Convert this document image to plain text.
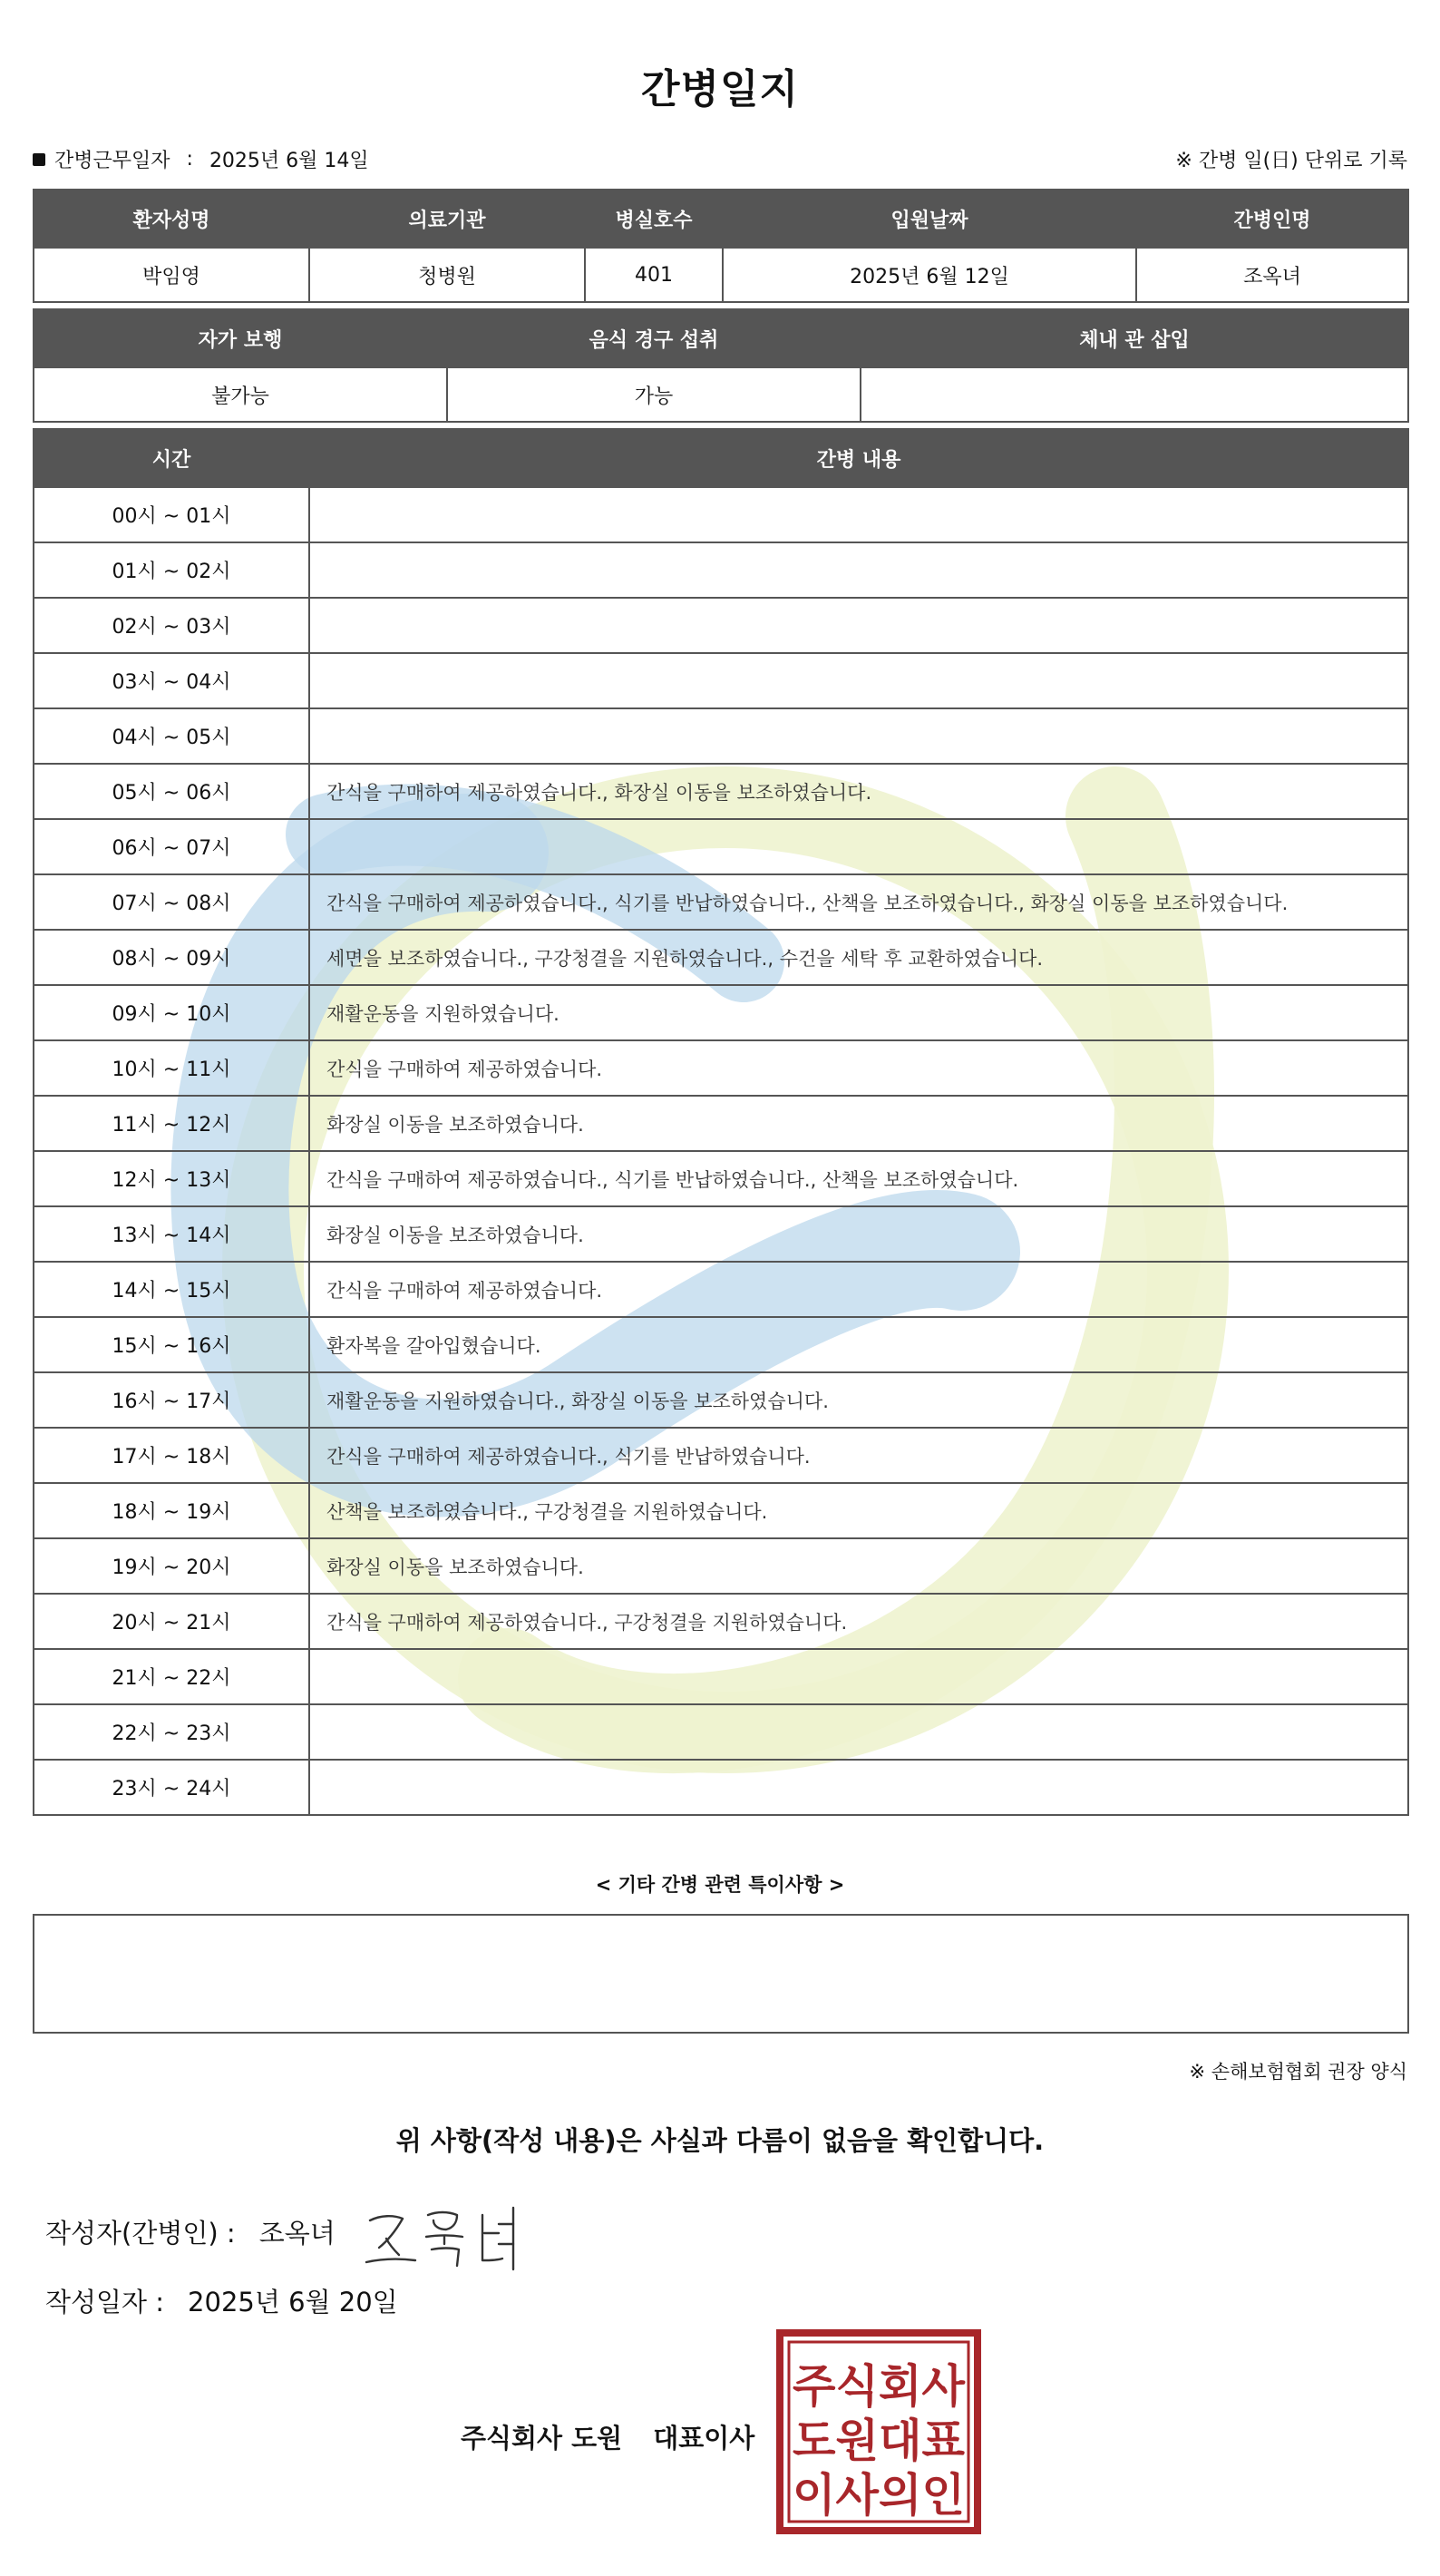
간병일지
간병근무일자 : 2025년 6월 14일	※ 간병 일(日) 단위로 기록
환자성명	의료기관	병실호수	입원날짜	간병인명
박임영	청병원	401	2025년 6월 12일	조옥녀
자가 보행	음식 경구 섭취	체내 관 삽입
불가능	가능	
시간	간병 내용
00시 ~ 01시	
01시 ~ 02시	
02시 ~ 03시	
03시 ~ 04시	
04시 ~ 05시	
05시 ~ 06시	간식을 구매하여 제공하였습니다., 화장실 이동을 보조하였습니다.
06시 ~ 07시	
07시 ~ 08시	간식을 구매하여 제공하였습니다., 식기를 반납하였습니다., 산책을 보조하였습니다., 화장실 이동을 보조하였습니다.
08시 ~ 09시	세면을 보조하였습니다., 구강청결을 지원하였습니다., 수건을 세탁 후 교환하였습니다.
09시 ~ 10시	재활운동을 지원하였습니다.
10시 ~ 11시	간식을 구매하여 제공하였습니다.
11시 ~ 12시	화장실 이동을 보조하였습니다.
12시 ~ 13시	간식을 구매하여 제공하였습니다., 식기를 반납하였습니다., 산책을 보조하였습니다.
13시 ~ 14시	화장실 이동을 보조하였습니다.
14시 ~ 15시	간식을 구매하여 제공하였습니다.
15시 ~ 16시	환자복을 갈아입혔습니다.
16시 ~ 17시	재활운동을 지원하였습니다., 화장실 이동을 보조하였습니다.
17시 ~ 18시	간식을 구매하여 제공하였습니다., 식기를 반납하였습니다.
18시 ~ 19시	산책을 보조하였습니다., 구강청결을 지원하였습니다.
19시 ~ 20시	화장실 이동을 보조하였습니다.
20시 ~ 21시	간식을 구매하여 제공하였습니다., 구강청결을 지원하였습니다.
21시 ~ 22시	
22시 ~ 23시	
23시 ~ 24시	
< 기타 간병 관련 특이사항 >
※ 손해보험협회 권장 양식
위 사항(작성 내용)은 사실과 다름이 없음을 확인합니다.
작성자(간병인) : 조옥녀
작성일자 : 2025년 6월 20일
주식회사 도원 대표이사
주식회사
도원대표
이사의인
